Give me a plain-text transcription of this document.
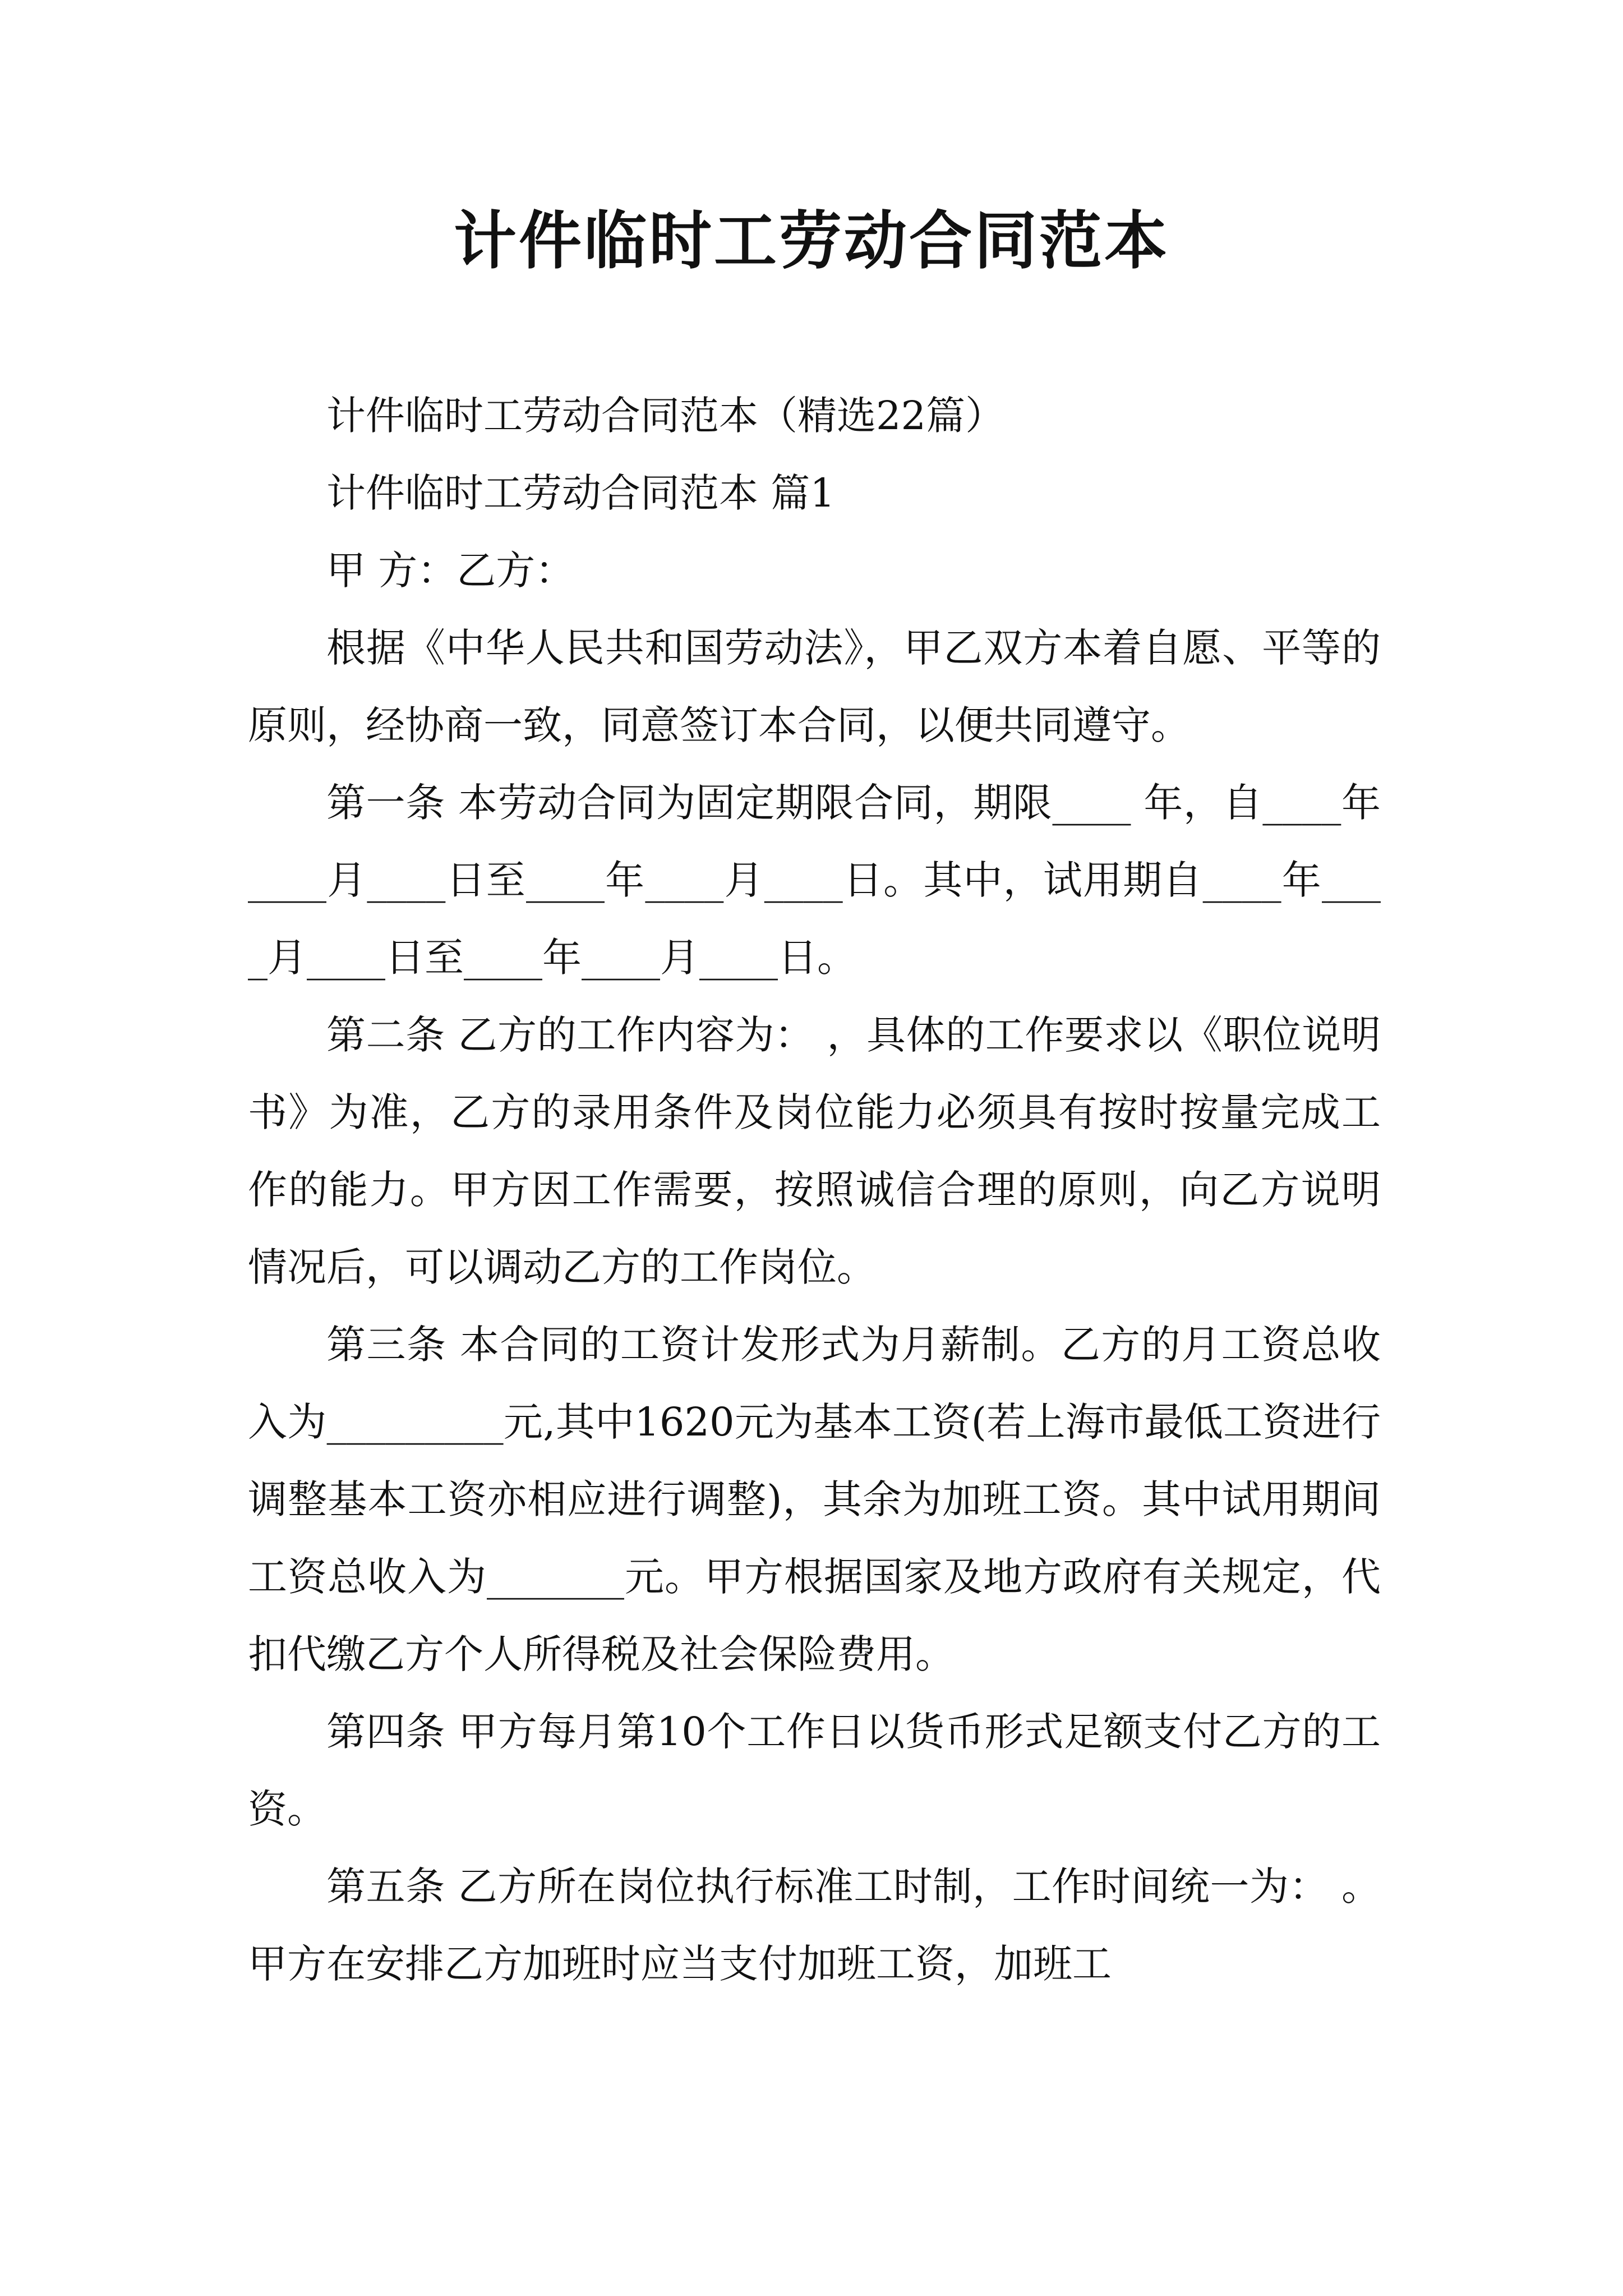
计件临时工劳动合同范本

计件临时工劳动合同范本（精选22篇）

计件临时工劳动合同范本 篇1

甲 方：乙方：

根据《中华人民共和国劳动法》，甲乙双方本着自愿、平等的原则，经协商一致，同意签订本合同，以便共同遵守。

第一条 本劳动合同为固定期限合同，期限____ 年，自____年____月____日至____年____月____日。其中，试用期自____年____月____日至____年____月____日。

第二条 乙方的工作内容为： ，具体的工作要求以《职位说明书》为准，乙方的录用条件及岗位能力必须具有按时按量完成工作的能力。甲方因工作需要，按照诚信合理的原则，向乙方说明情况后，可以调动乙方的工作岗位。

第三条 本合同的工资计发形式为月薪制。乙方的月工资总收入为_________元,其中1620元为基本工资(若上海市最低工资进行调整基本工资亦相应进行调整)，其余为加班工资。其中试用期间工资总收入为_______元。甲方根据国家及地方政府有关规定，代扣代缴乙方个人所得税及社会保险费用。

第四条 甲方每月第10个工作日以货币形式足额支付乙方的工资。

第五条 乙方所在岗位执行标准工时制，工作时间统一为： 。甲方在安排乙方加班时应当支付加班工资，加班工
